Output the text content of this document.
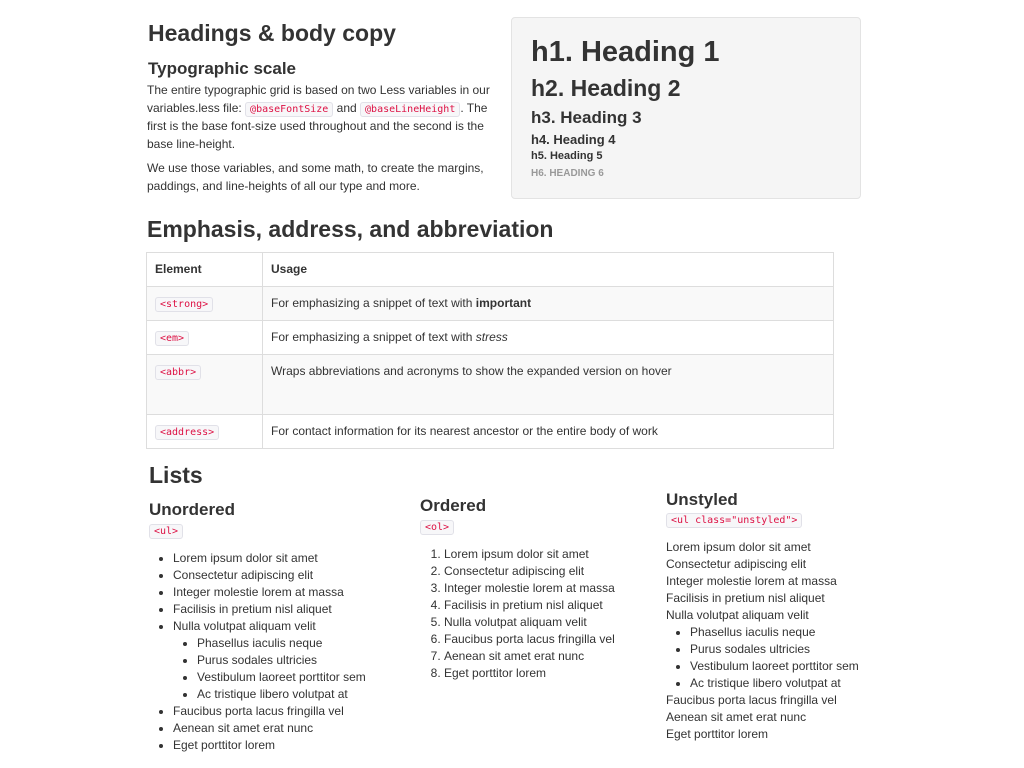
Headings & body copy
Typographic scale

The entire typographic grid is based on two Less variables in our variables.less file: @baseFontSize and @baseLineHeight . The first is the base font-size used throughout and the second is the base line-height.

We use those variables, and some math, to create the margins, paddings, and line-heights of all our type and more.

h1. Heading 1
h2. Heading 2
h3. Heading 3
h4. Heading 4
h5. Heading 5
H6. HEADING 6
Emphasis, address, and abbreviation
Element	Usage
<strong>	For emphasizing a snippet of text with important
<em>	For emphasizing a snippet of text with stress
<abbr>	Wraps abbreviations and acronyms to show the expanded version on hover
<address>	For contact information for its nearest ancestor or the entire body of work
Lists
Unordered
<ul>
• Lorem ipsum dolor sit amet
• Consectetur adipiscing elit
• Integer molestie lorem at massa
• Facilisis in pretium nisl aliquet
• Nulla volutpat aliquam velit
• Phasellus iaculis neque
• Purus sodales ultricies
• Vestibulum laoreet porttitor sem
• Ac tristique libero volutpat at
• Faucibus porta lacus fringilla vel
• Aenean sit amet erat nunc
• Eget porttitor lorem
Ordered
<ol>
1. Lorem ipsum dolor sit amet
2. Consectetur adipiscing elit
3. Integer molestie lorem at massa
4. Facilisis in pretium nisl aliquet
5. Nulla volutpat aliquam velit
6. Faucibus porta lacus fringilla vel
7. Aenean sit amet erat nunc
8. Eget porttitor lorem
Unstyled
<ul class="unstyled">
Lorem ipsum dolor sit amet
Consectetur adipiscing elit
Integer molestie lorem at massa
Facilisis in pretium nisl aliquet
Nulla volutpat aliquam velit
• Phasellus iaculis neque
• Purus sodales ultricies
• Vestibulum laoreet porttitor sem
• Ac tristique libero volutpat at
Faucibus porta lacus fringilla vel
Aenean sit amet erat nunc
Eget porttitor lorem
